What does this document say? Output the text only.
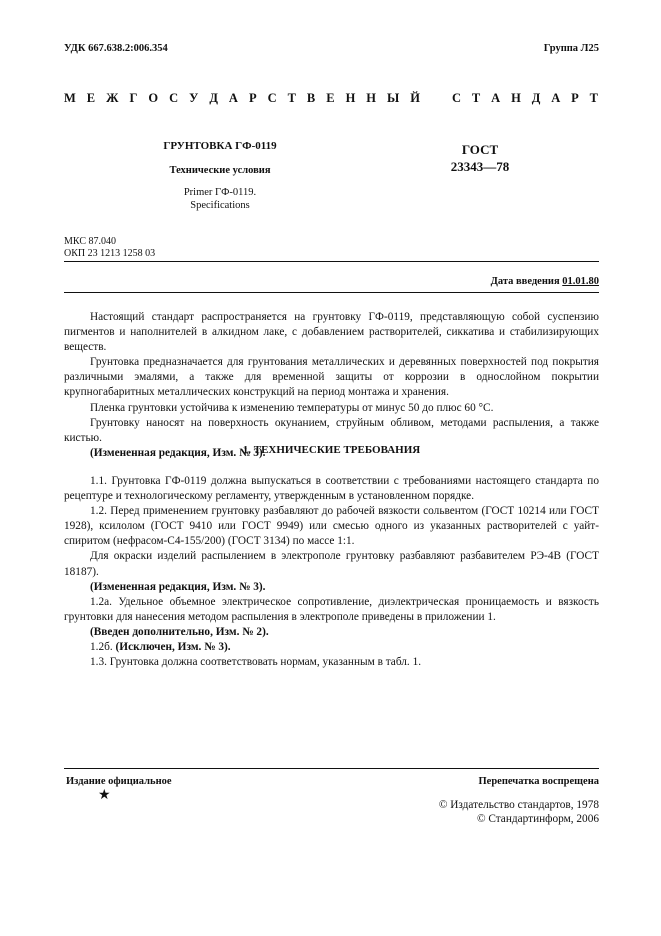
УДК 667.638.2:006.354	Группа Л25
М Е Ж Г О С У Д А Р С Т В Е Н Н Ы Й	С Т А Н Д А Р Т
ГРУНТОВКА ГФ-0119
Технические условия
Primer ГФ-0119.
Specifications
ГОСТ
23343—78
МКС 87.040
ОКП 23 1213 1258 03
Дата введения 01.01.80

Настоящий стандарт распространяется на грунтовку ГФ-0119, представляющую собой суспензию пигментов и наполнителей в алкидном лаке, с добавлением растворителей, сиккатива и стабилизирующих веществ.

Грунтовка предназначается для грунтования металлических и деревянных поверхностей под покрытия различными эмалями, а также для временной защиты от коррозии в однослойном покрытии крупногабаритных металлических конструкций на период монтажа и хранения.

Пленка грунтовки устойчива к изменению температуры от минус 50 до плюс 60 °С.

Грунтовку наносят на поверхность окунанием, струйным обливом, методами распыления, а также кистью.

(Измененная редакция, Изм. № 3).

1. ТЕХНИЧЕСКИЕ ТРЕБОВАНИЯ

1.1. Грунтовка ГФ-0119 должна выпускаться в соответствии с требованиями настоящего стандарта по рецептуре и технологическому регламенту, утвержденным в установленном порядке.

1.2. Перед применением грунтовку разбавляют до рабочей вязкости сольвентом (ГОСТ 10214 или ГОСТ 1928), ксилолом (ГОСТ 9410 или ГОСТ 9949) или смесью одного из указанных растворителей с уайт-спиритом (нефрасом-С4-155/200) (ГОСТ 3134) по массе 1:1.

Для окраски изделий распылением в электрополе грунтовку разбавляют разбавителем РЭ-4В (ГОСТ 18187).

(Измененная редакция, Изм. № 3).

1.2а. Удельное объемное электрическое сопротивление, диэлектрическая проницаемость и вязкость грунтовки для нанесения методом распыления в электрополе приведены в приложении 1.

(Введен дополнительно, Изм. № 2).

1.2б. (Исключен, Изм. № 3).

1.3. Грунтовка должна соответствовать нормам, указанным в табл. 1.

Издание официальное
★
Перепечатка воспрещена
© Издательство стандартов, 1978
© Стандартинформ, 2006
